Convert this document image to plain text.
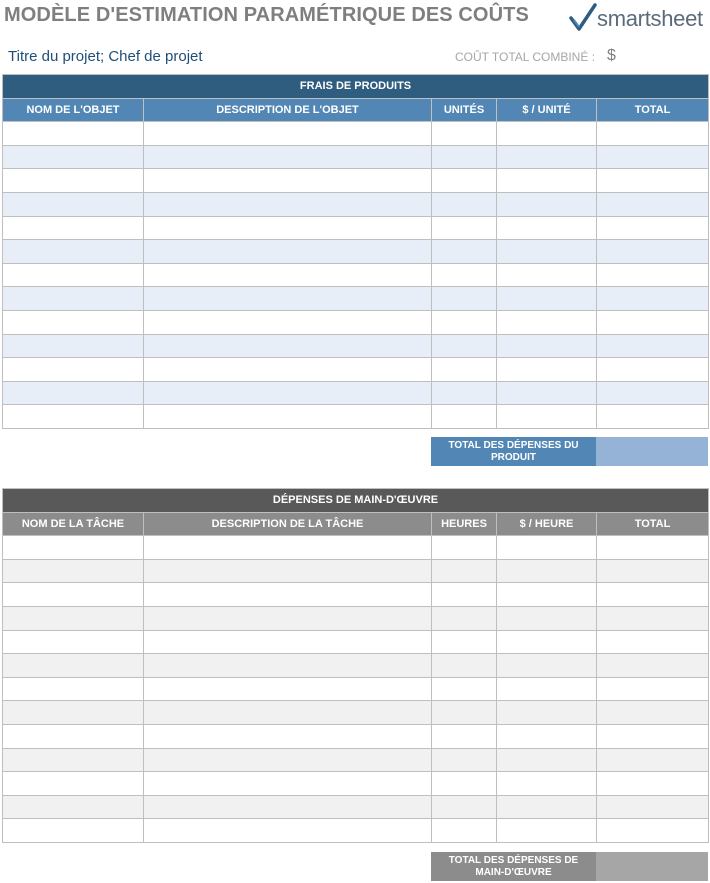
MODÈLE D'ESTIMATION PARAMÉTRIQUE DES COÛTS	smartsheet
Titre du projet; Chef de projet	COÛT TOTAL COMBINÉ : $
FRAIS DE PRODUITS				
NOM DE L'OBJET	DESCRIPTION DE L'OBJET	UNITÉS	$ / UNITÉ	TOTAL

TOTAL DES DÉPENSES DU PRODUIT
DÉPENSES DE MAIN-D'ŒUVRE				
NOM DE LA TÂCHE	DESCRIPTION DE LA TÂCHE	HEURES	$ / HEURE	TOTAL

TOTAL DES DÉPENSES DE MAIN-D'ŒUVRE
